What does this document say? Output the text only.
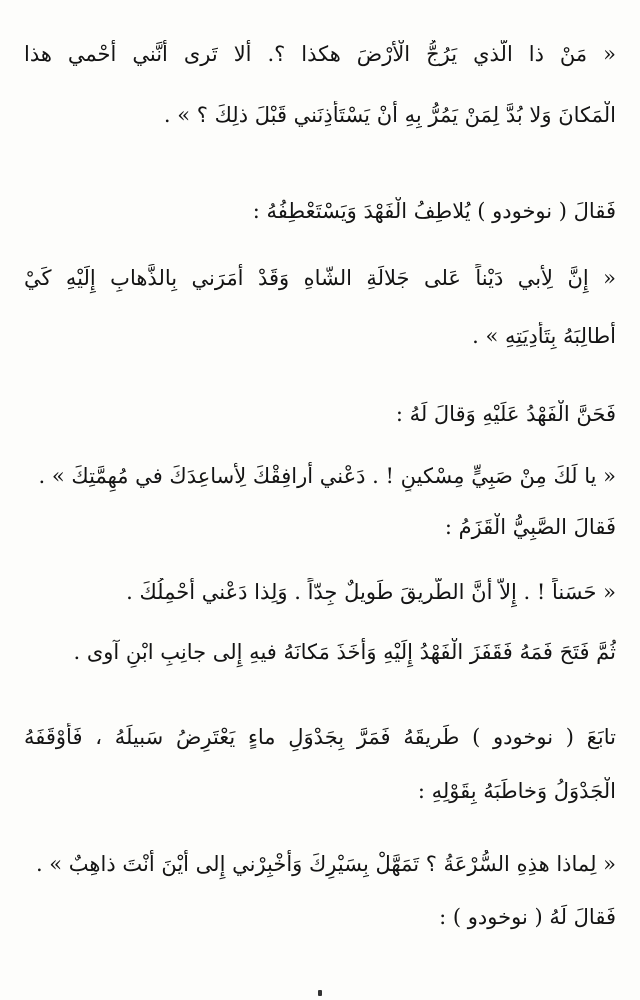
« مَنْ ذا الَّذي يَرُجُّ الْأَرْضَ هكذا ؟. أَلا تَرى أَنَّني أَحْمي هذا
الْمَكانَ وَلا بُدَّ لِمَنْ يَمُرُّ بِهِ أَنْ يَسْتَأْذِنَني قَبْلَ ذلِكَ ؟ » .
فَقالَ ( نوخودو ) يُلاطِفُ الْفَهْدَ وَيَسْتَعْطِفُهُ :
« إِنَّ لِأَبي دَيْناً عَلى جَلالَةِ الشّاهِ وَقَدْ أَمَرَني بِالذَّهابِ إِلَيْهِ كَيْ
أُطالِبَهُ بِتَأْدِيَتِهِ » .
فَحَنَّ الْفَهْدُ عَلَيْهِ وَقالَ لَهُ :
« يا لَكَ مِنْ صَبِيٍّ مِسْكينٍ ! . دَعْني أُرافِقْكَ لِأُساعِدَكَ في مُهِمَّتِكَ » .
فَقالَ الصَّبِيُّ الْقَزَمُ :
« حَسَناً ! . إِلاّ أَنَّ الطَّريقَ طَويلٌ جِدّاً . وَلِذا دَعْني أَحْمِلُكَ .
ثُمَّ فَتَحَ فَمَهُ فَقَفَزَ الْفَهْدُ إِلَيْهِ وَأَخَذَ مَكانَهُ فيهِ إِلى جانِبِ ابْنِ آوى .
تابَعَ ( نوخودو ) طَريقَهُ فَمَرَّ بِجَدْوَلِ ماءٍ يَعْتَرِضُ سَبيلَهُ ، فَأَوْقَفَهُ
الْجَدْوَلُ وَخاطَبَهُ بِقَوْلِهِ :
« لِماذا هذِهِ السُّرْعَةُ ؟ تَمَهَّلْ بِسَيْرِكَ وَأَخْبِرْني إِلى أَيْنَ أَنْتَ ذاهِبٌ » .
فَقالَ لَهُ ( نوخودو ) :
